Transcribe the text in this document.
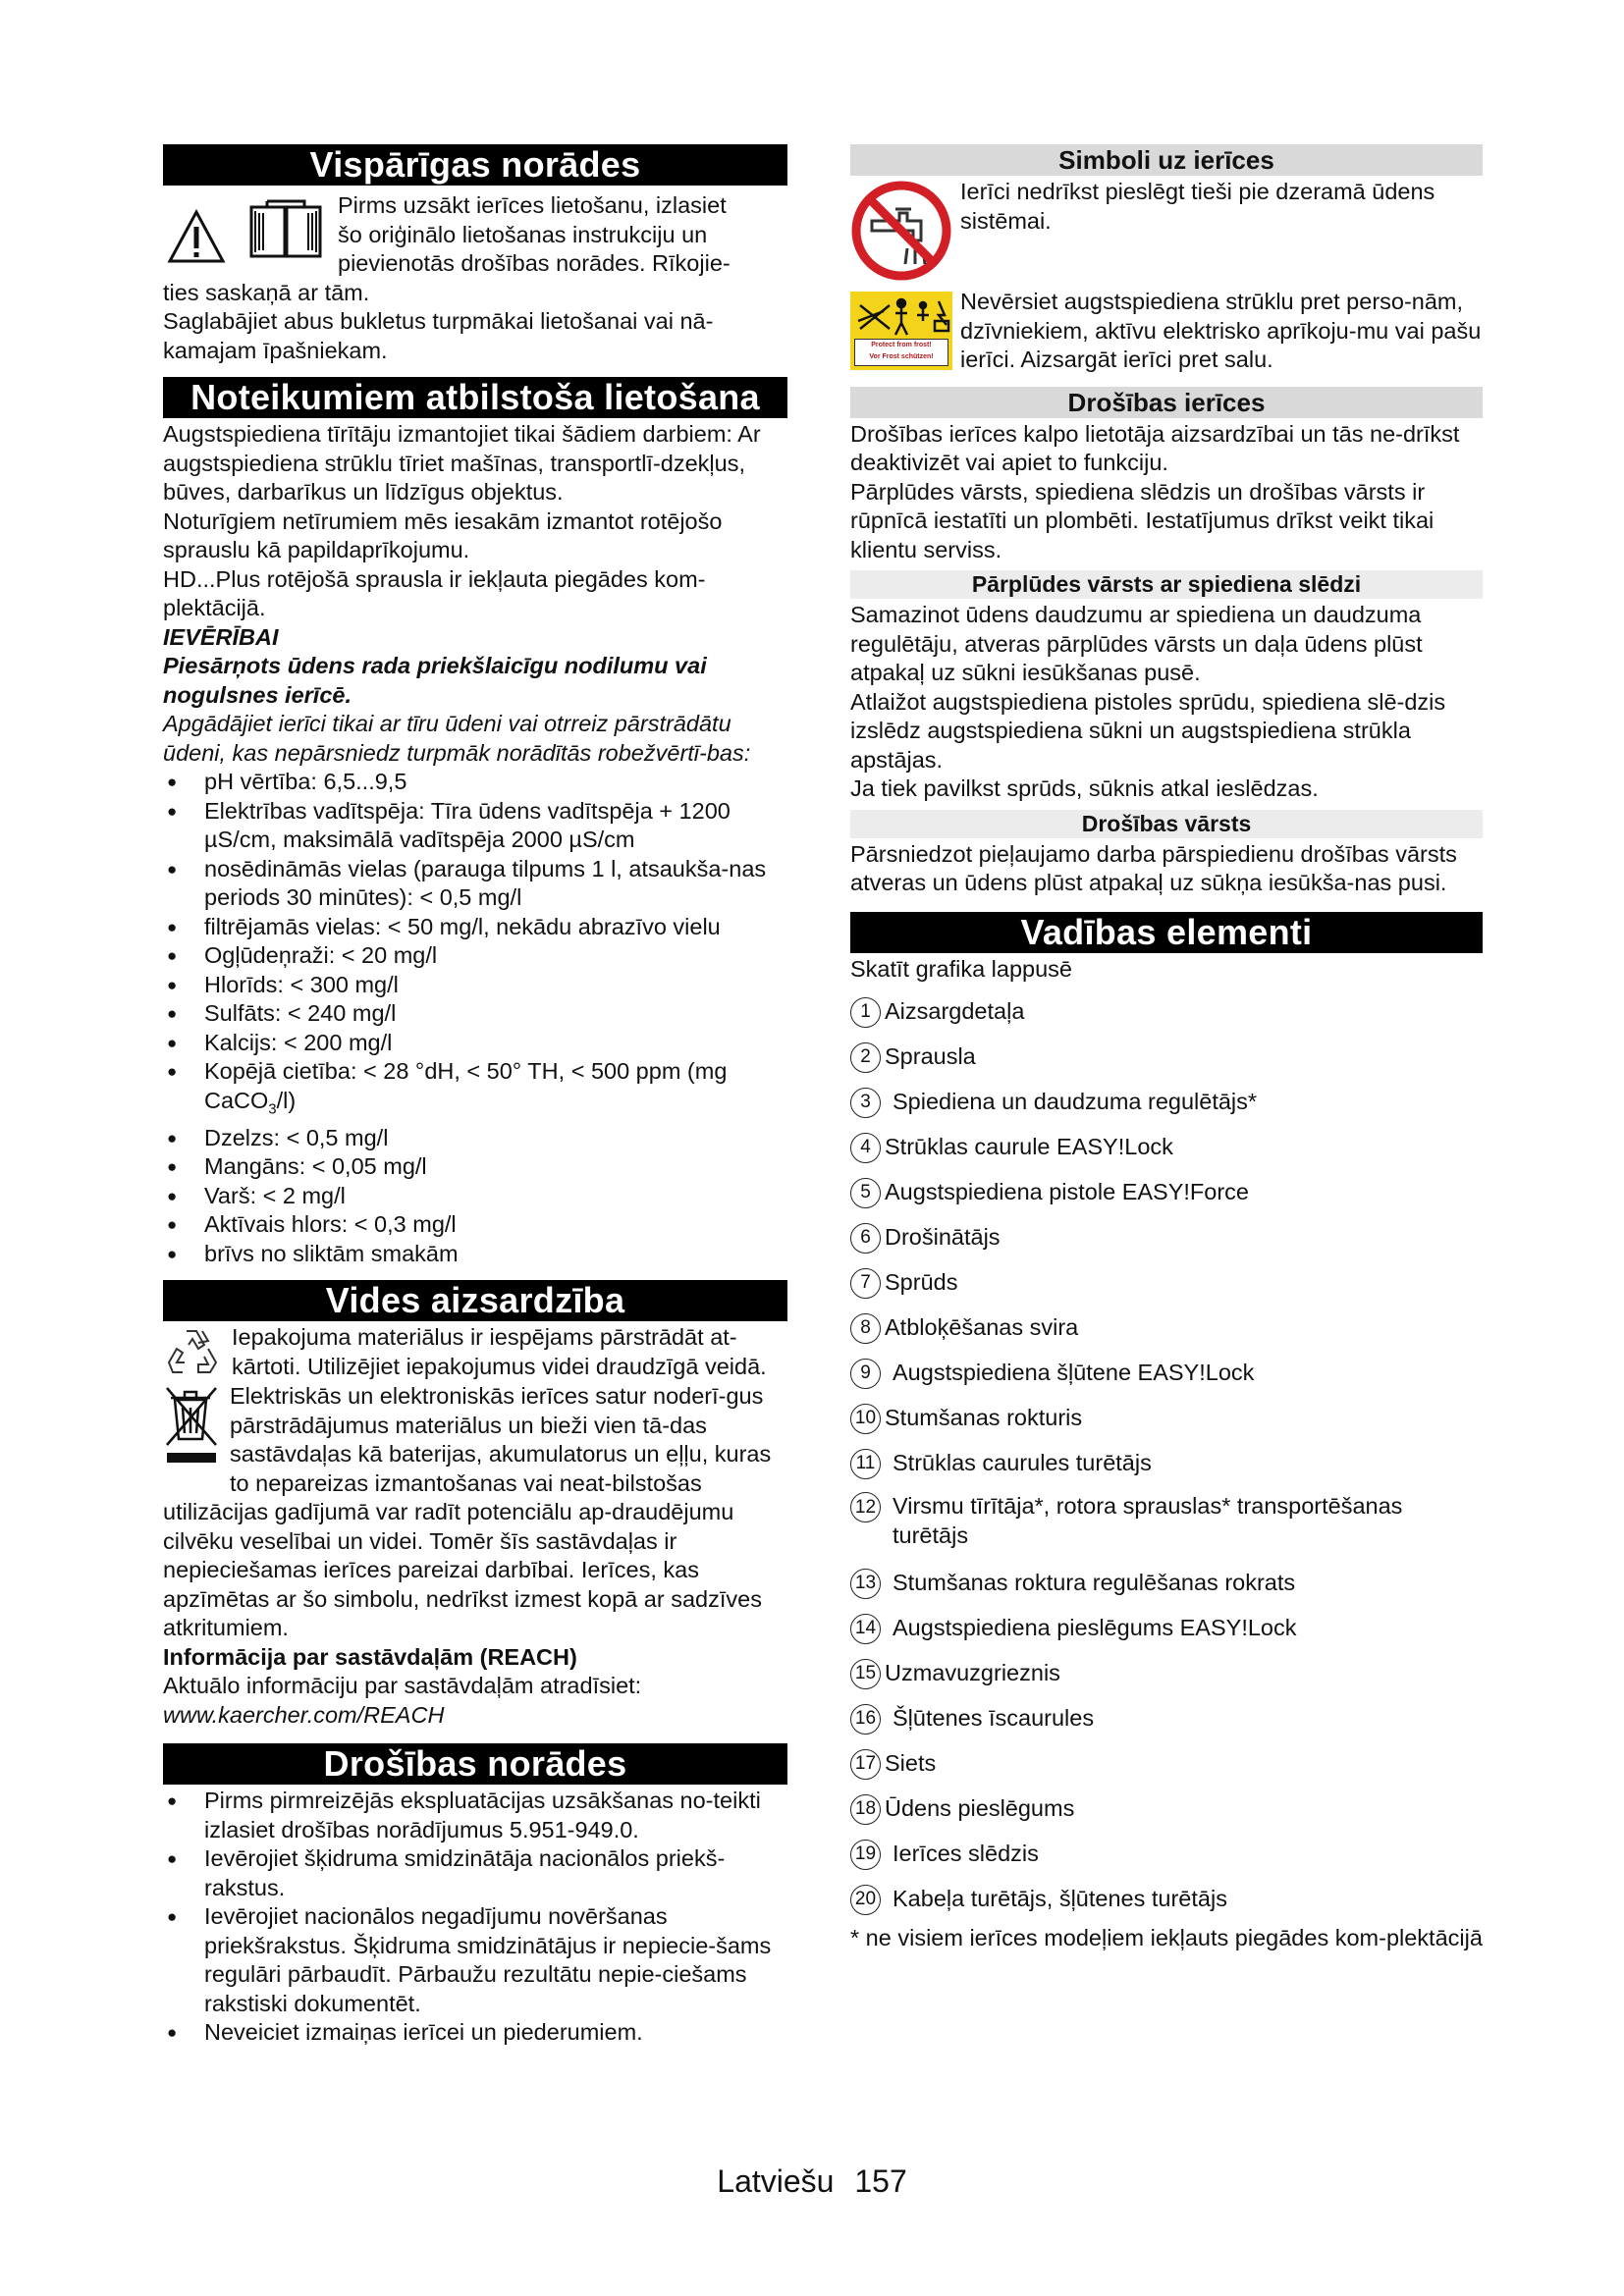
Vispārīgas norādes

Pirms uzsākt ierīces lietošanu, izlasiet

šo oriģinālo lietošanas instrukciju un

pievienotās drošības norādes. Rīkojie-

ties saskaņā ar tām.

Saglabājiet abus bukletus turpmākai lietošanai vai nā-kamajam īpašniekam.

Noteikumiem atbilstoša lietošana

Augstspiediena tīrītāju izmantojiet tikai šādiem darbiem: Ar augstspiediena strūklu tīriet mašīnas, transportlī-dzekļus, būves, darbarīkus un līdzīgus objektus.

Noturīgiem netīrumiem mēs iesakām izmantot rotējošo sprauslu kā papildaprīkojumu.

HD...Plus rotējošā sprausla ir iekļauta piegādes kom-plektācijā.

IEVĒRĪBAI

Piesārņots ūdens rada priekšlaicīgu nodilumu vai nogulsnes ierīcē.

Apgādājiet ierīci tikai ar tīru ūdeni vai otrreiz pārstrādātu ūdeni, kas nepārsniedz turpmāk norādītās robežvērtī-bas:

● pH vērtība: 6,5...9,5
● Elektrības vadītspēja: Tīra ūdens vadītspēja + 1200 µS/cm, maksimālā vadītspēja 2000 µS/cm
● nosēdināmās vielas (parauga tilpums 1 l, atsaukša-nas periods 30 minūtes): < 0,5 mg/l
● filtrējamās vielas: < 50 mg/l, nekādu abrazīvo vielu
● Ogļūdeņraži: < 20 mg/l
● Hlorīds: < 300 mg/l
● Sulfāts: < 240 mg/l
● Kalcijs: < 200 mg/l
● Kopējā cietība: < 28 °dH, < 50° TH, < 500 ppm (mg CaCO$_3$/l)
● Dzelzs: < 0,5 mg/l
● Mangāns: < 0,05 mg/l
● Varš: < 2 mg/l
● Aktīvais hlors: < 0,3 mg/l
● brīvs no sliktām smakām
Vides aizsardzība

Iepakojuma materiālus ir iespējams pārstrādāt at-kārtoti. Utilizējiet iepakojumus videi draudzīgā veidā.

Elektriskās un elektroniskās ierīces satur noderī-gus pārstrādājumus materiālus un bieži vien tā-das sastāvdaļas kā baterijas, akumulatorus un eļļu, kuras to nepareizas izmantošanas vai neat-bilstošas utilizācijas gadījumā var radīt potenciālu ap-draudējumu cilvēku veselībai un videi. Tomēr šīs sastāvdaļas ir nepieciešamas ierīces pareizai darbībai. Ierīces, kas apzīmētas ar šo simbolu, nedrīkst izmest kopā ar sadzīves atkritumiem.

Informācija par sastāvdaļām (REACH)

Aktuālo informāciju par sastāvdaļām atradīsiet:

www.kaercher.com/REACH

Drošības norādes
● Pirms pirmreizējās ekspluatācijas uzsākšanas no-teikti izlasiet drošības norādījumus 5.951-949.0.
● Ievērojiet šķidruma smidzinātāja nacionālos priekš-rakstus.
● Ievērojiet nacionālos negadījumu novēršanas priekšrakstus. Šķidruma smidzinātājus ir nepiecie-šams regulāri pārbaudīt. Pārbaužu rezultātu nepie-ciešams rakstiski dokumentēt.
● Neveiciet izmaiņas ierīcei un piederumiem.
Simboli uz ierīces

Ierīci nedrīkst pieslēgt tieši pie dzeramā ūdens sistēmai.

Protect from frost!
Vor Frost schützen!

Nevērsiet augstspiediena strūklu pret perso-nām, dzīvniekiem, aktīvu elektrisko aprīkoju-mu vai pašu ierīci. Aizsargāt ierīci pret salu.

Drošības ierīces

Drošības ierīces kalpo lietotāja aizsardzībai un tās ne-drīkst deaktivizēt vai apiet to funkciju.

Pārplūdes vārsts, spiediena slēdzis un drošības vārsts ir rūpnīcā iestatīti un plombēti. Iestatījumus drīkst veikt tikai klientu serviss.

Pārplūdes vārsts ar spiediena slēdzi

Samazinot ūdens daudzumu ar spiediena un daudzuma regulētāju, atveras pārplūdes vārsts un daļa ūdens plūst atpakaļ uz sūkni iesūkšanas pusē.

Atlaižot augstspiediena pistoles sprūdu, spiediena slē-dzis izslēdz augstspiediena sūkni un augstspiediena strūkla apstājas.

Ja tiek pavilkst sprūds, sūknis atkal ieslēdzas.

Drošības vārsts

Pārsniedzot pieļaujamo darba pārspiedienu drošības vārsts atveras un ūdens plūst atpakaļ uz sūkņa iesūkša-nas pusi.

Vadības elementi

Skatīt grafika lappusē

1 Aizsargdetaļa
2 Sprausla
3 Spiediena un daudzuma regulētājs*
4 Strūklas caurule EASY!Lock
5 Augstspiediena pistole EASY!Force
6 Drošinātājs
7 Sprūds
8 Atbloķēšanas svira
9 Augstspiediena šļūtene EASY!Lock
10 Stumšanas rokturis
11 Strūklas caurules turētājs
12 Virsmu tīrītāja*, rotora sprauslas* transportēšanas turētājs
13 Stumšanas roktura regulēšanas rokrats
14 Augstspiediena pieslēgums EASY!Lock
15 Uzmavuzgrieznis
16 Šļūtenes īscaurules
17 Siets
18 Ūdens pieslēgums
19 Ierīces slēdzis
20 Kabeļa turētājs, šļūtenes turētājs

* ne visiem ierīces modeļiem iekļauts piegādes kom-plektācijā

Latviešu 157
